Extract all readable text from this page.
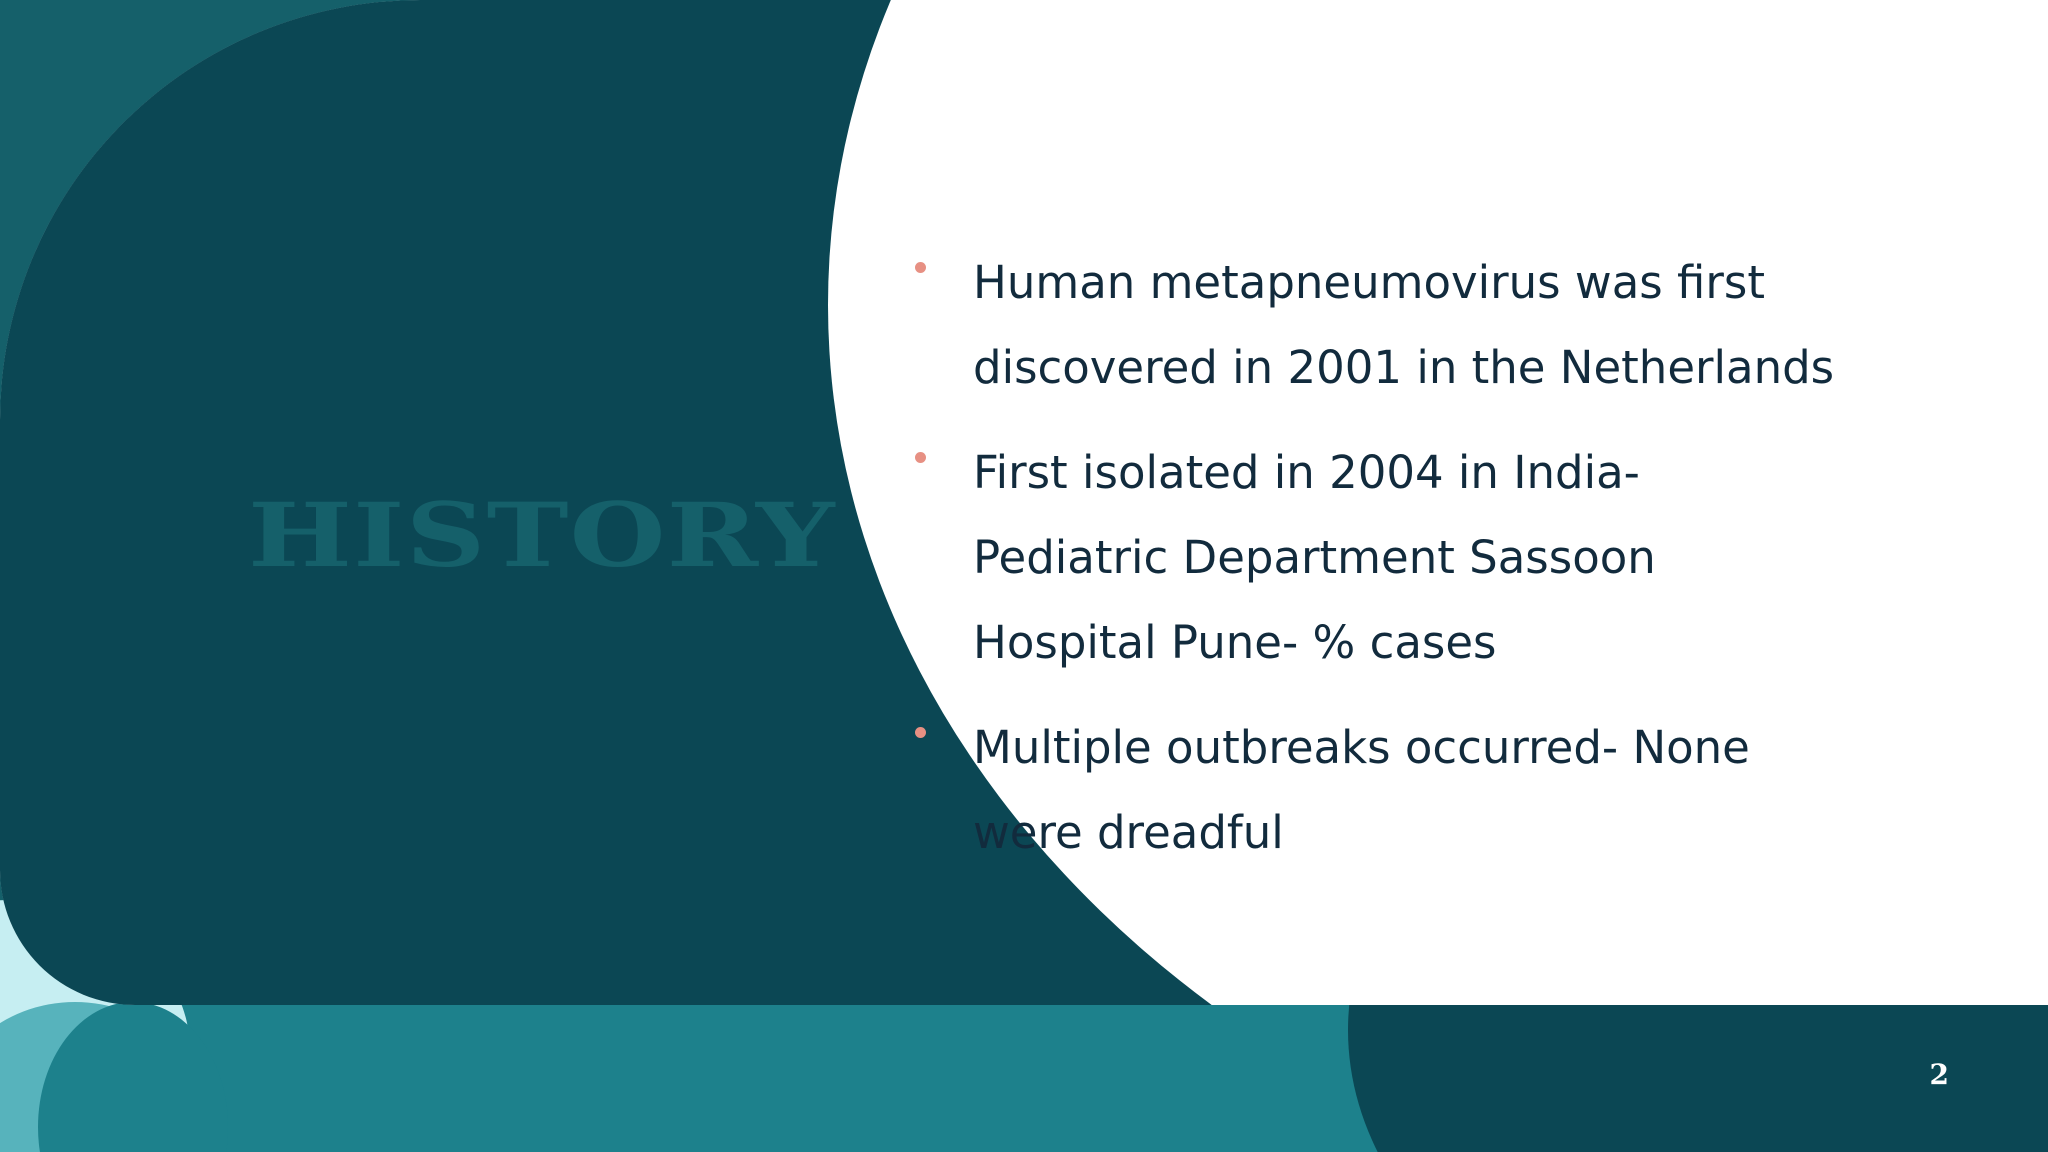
HISTORY
Human metapneumovirus was first
discovered in 2001 in the Netherlands
First isolated in 2004 in India-
Pediatric Department Sassoon
Hospital Pune- % cases
Multiple outbreaks occurred- None
were dreadful
2
